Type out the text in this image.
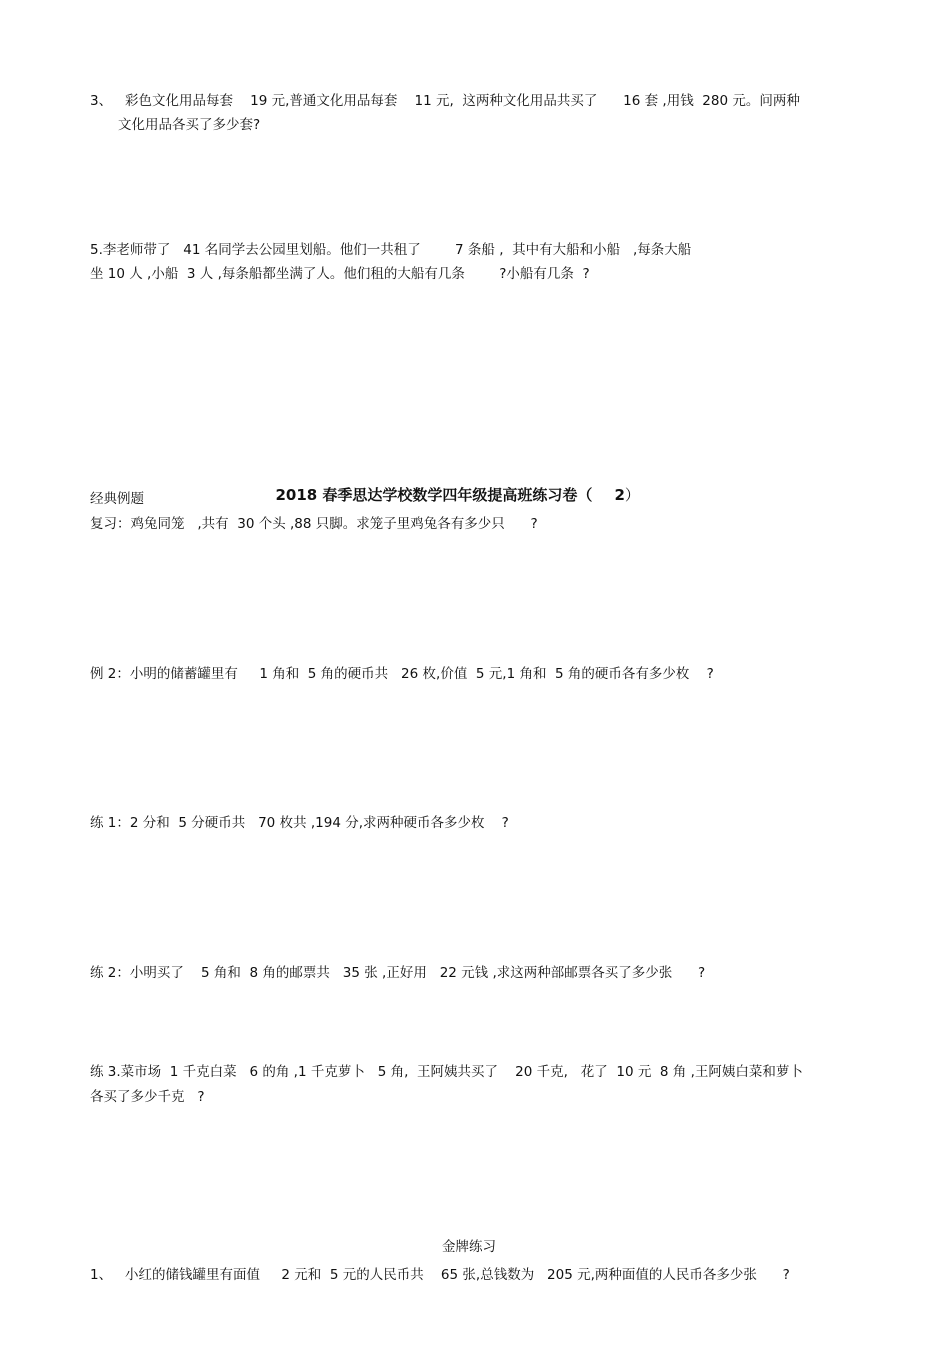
3、   彩色文化用品每套    19 元,普通文化用品每套    11 元,  这两种文化用品共买了      16 套 ,用钱  280 元。问两种
文化用品各买了多少套?
5.李老师带了   41 名同学去公园里划船。他们一共租了        7 条船 ,  其中有大船和小船   ,每条大船
坐 10 人 ,小船  3 人 ,每条船都坐满了人。他们租的大船有几条        ?小船有几条  ?

2018 春季思达学校数学四年级提高班练习卷（ 2）

经典例题
复习：鸡兔同笼   ,共有  30 个头 ,88 只脚。求笼子里鸡兔各有多少只      ?
例 2：小明的储蓄罐里有     1 角和  5 角的硬币共   26 枚,价值  5 元,1 角和  5 角的硬币各有多少枚    ?
练 1：2 分和  5 分硬币共   70 枚共 ,194 分,求两种硬币各多少枚    ?
练 2：小明买了    5 角和  8 角的邮票共   35 张 ,正好用   22 元钱 ,求这两种部邮票各买了多少张      ?
练 3.菜市场  1 千克白菜   6 的角 ,1 千克萝卜   5 角,  王阿姨共买了    20 千克,   花了  10 元  8 角 ,王阿姨白菜和萝卜
各买了多少千克   ?
金牌练习
1、   小红的储钱罐里有面值     2 元和  5 元的人民币共    65 张,总钱数为   205 元,两种面值的人民币各多少张      ?
